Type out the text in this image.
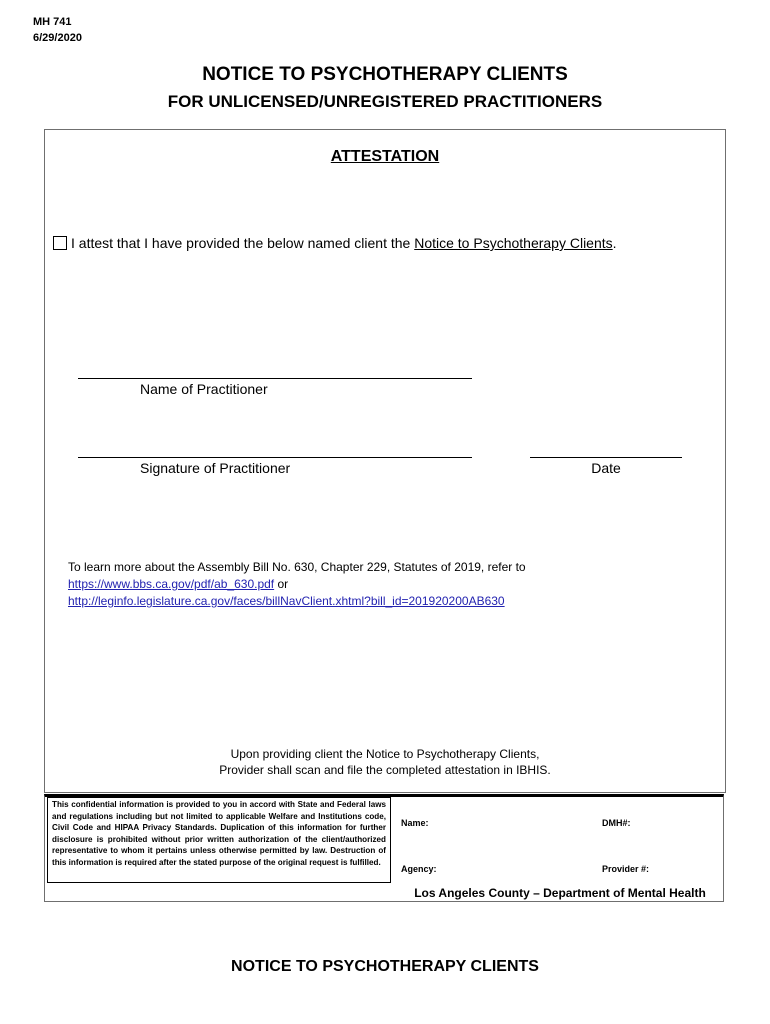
MH 741
6/29/2020
NOTICE TO PSYCHOTHERAPY CLIENTS
FOR UNLICENSED/UNREGISTERED PRACTITIONERS
ATTESTATION
I attest that I have provided the below named client the Notice to Psychotherapy Clients.
Name of Practitioner
Signature of Practitioner	Date
To learn more about the Assembly Bill No. 630, Chapter 229, Statutes of 2019, refer to
https://www.bbs.ca.gov/pdf/ab_630.pdf or
http://leginfo.legislature.ca.gov/faces/billNavClient.xhtml?bill_id=201920200AB630
Upon providing client the Notice to Psychotherapy Clients,
Provider shall scan and file the completed attestation in IBHIS.
This confidential information is provided to you in accord with State and Federal laws and regulations including but not limited to applicable Welfare and Institutions code, Civil Code and HIPAA Privacy Standards. Duplication of this information for further disclosure is prohibited without prior written authorization of the client/authorized representative to whom it pertains unless otherwise permitted by law. Destruction of this information is required after the stated purpose of the original request is fulfilled.
Name:	DMH#:
Agency:	Provider #:
Los Angeles County – Department of Mental Health
NOTICE TO PSYCHOTHERAPY CLIENTS
